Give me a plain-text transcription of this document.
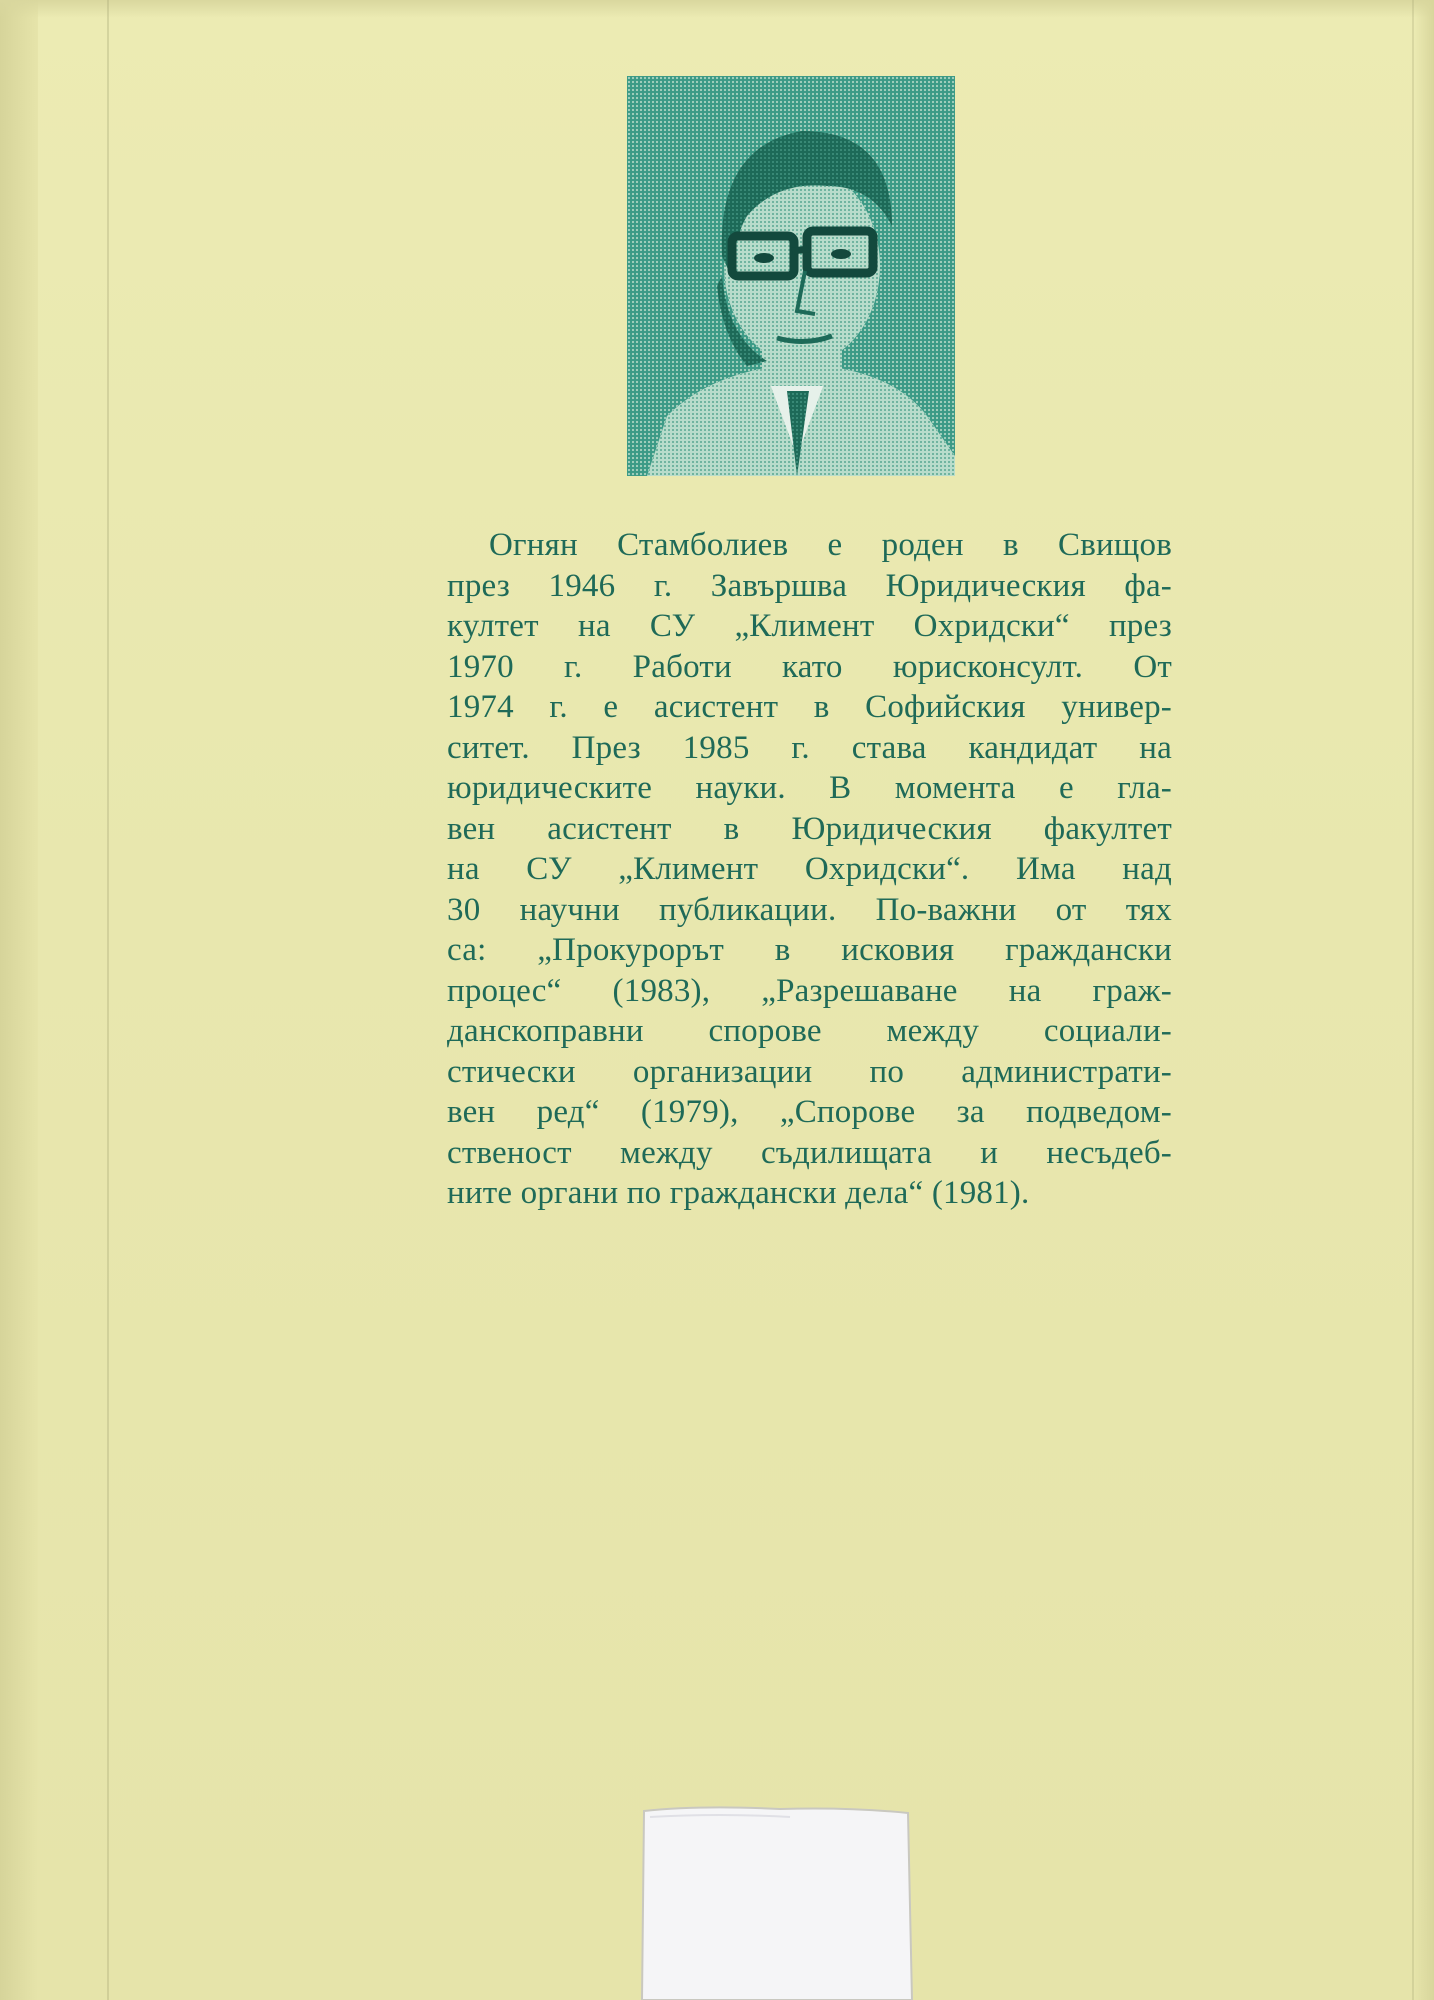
Огнян Стамболиев е роден в Свищов
през 1946 г. Завършва Юридическия фа-
култет на СУ „Климент Охридски“ през
1970 г. Работи като юрисконсулт. От
1974 г. е асистент в Софийския универ-
ситет. През 1985 г. става кандидат на
юридическите науки. В момента е гла-
вен асистент в Юридическия факултет
на СУ „Климент Охридски“. Има над
30 научни публикации. По-важни от тях
са: „Прокурорът в исковия граждански
процес“ (1983), „Разрешаване на граж-
данскоправни спорове между социали-
стически организации по администрати-
вен ред“ (1979), „Спорове за подведом-
ственост между съдилищата и несъдеб-
ните органи по граждански дела“ (1981).
